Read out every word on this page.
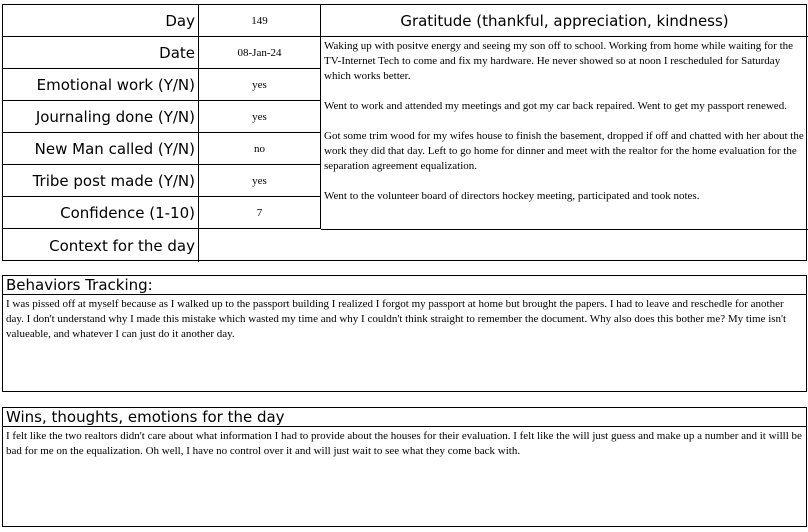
Day	149
Date	08-Jan-24
Emotional work (Y/N)	yes
Journaling done (Y/N)	yes
New Man called (Y/N)	no
Tribe post made (Y/N)	yes
Confidence (1-10)	7
Context for the day
Gratitude (thankful, appreciation, kindness)

Waking up with positve energy and seeing my son off to school. Working from home while waiting for the TV-Internet Tech to come and fix my hardware. He never showed so at noon I rescheduled for Saturday which works better.

Went to work and attended my meetings and got my car back repaired. Went to get my passport renewed.

Got some trim wood for my wifes house to finish the basement, dropped if off and chatted with her about the work they did that day. Left to go home for dinner and meet with the realtor for the home evaluation for the separation agreement equalization.

Went to the volunteer board of directors hockey meeting, participated and took notes.

Behaviors Tracking:
I was pissed off at myself because as I walked up to the passport building I realized I forgot my passport at home but brought the papers. I had to leave and reschedle for another day. I don't understand why I made this mistake which wasted my time and why I couldn't think straight to remember the document. Why also does this bother me? My time isn't valueable, and whatever I can just do it another day.
Wins, thoughts, emotions for the day
I felt like the two realtors didn't care about what information I had to provide about the houses for their evaluation. I felt like the will just guess and make up a number and it willl be bad for me on the equalization. Oh well, I have no control over it and will just wait to see what they come back with.
